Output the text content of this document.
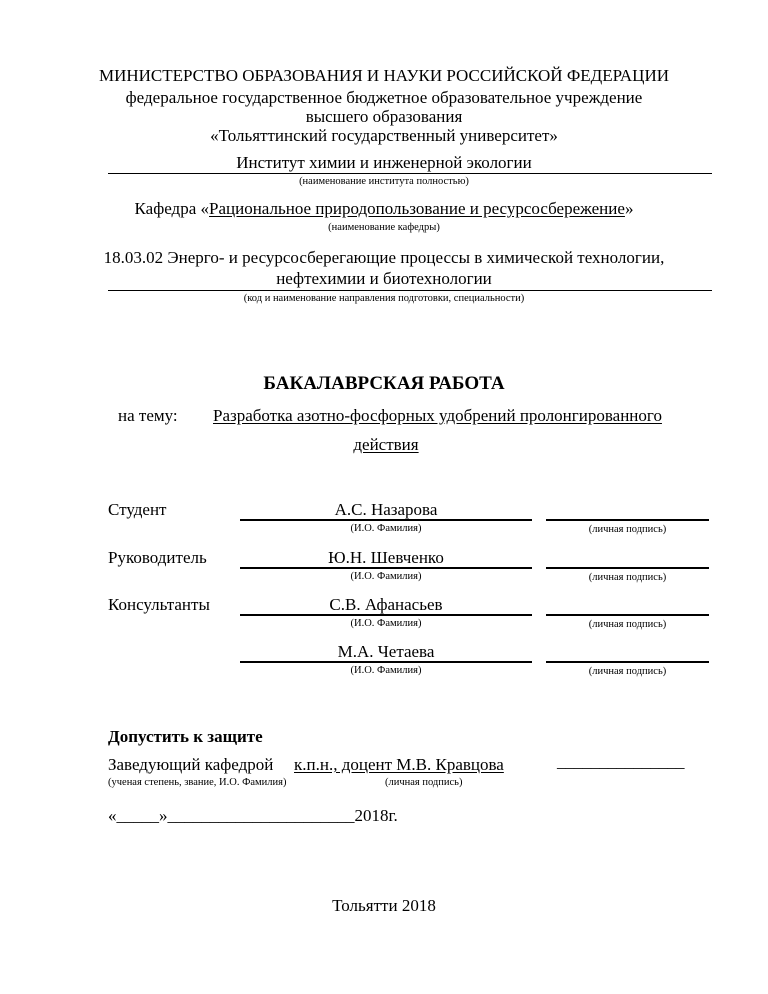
МИНИСТЕРСТВО ОБРАЗОВАНИЯ И НАУКИ РОССИЙСКОЙ ФЕДЕРАЦИИ
федеральное государственное бюджетное образовательное учреждение
высшего образования
«Тольяттинский государственный университет»
Институт химии и инженерной экологии
(наименование института полностью)
Кафедра «Рациональное природопользование и ресурсосбережение»
(наименование кафедры)
18.03.02 Энерго- и ресурсосберегающие процессы в химической технологии,
нефтехимии и биотехнологии
(код и наименование направления подготовки, специальности)
БАКАЛАВРСКАЯ РАБОТА
на тему: Разработка азотно-фосфорных удобрений пролонгированного
действия
Студент	А.С. Назарова
(И.О. Фамилия)	(личная подпись)
Руководитель	Ю.Н. Шевченко
(И.О. Фамилия)	(личная подпись)
Консультанты	С.В. Афанасьев
(И.О. Фамилия)	(личная подпись)
М.А. Четаева
(И.О. Фамилия)	(личная подпись)
Допустить к защите
Заведующий кафедрой к.п.н., доцент М.В. Кравцова	_______________
(ученая степень, звание, И.О. Фамилия)	(личная подпись)
«_____»______________________2018г.
Тольятти 2018
